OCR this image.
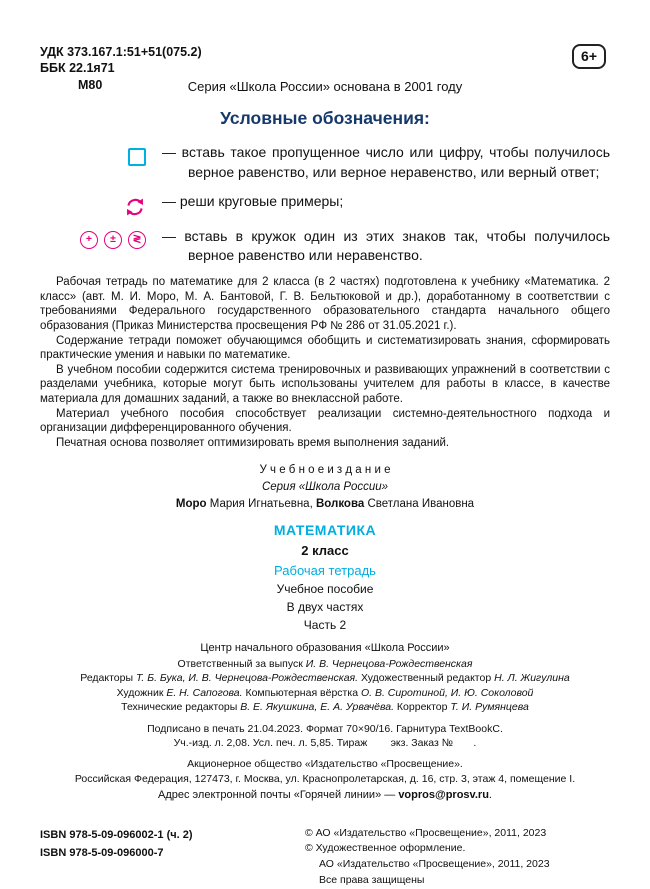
УДК 373.167.1:51+51(075.2)
ББК 22.1я71
М80
6+
Серия «Школа России» основана в 2001 году
Условные обозначения:
— вставь такое пропущенное число или цифру, чтобы получилось верное равенство, или верное неравенство, или верный ответ;
— реши круговые примеры;
+	±	≷	— вставь в кружок один из этих знаков так, чтобы получилось верное равенство или неравенство.

Рабочая тетрадь по математике для 2 класса (в 2 частях) подготовлена к учебнику «Математика. 2 класс» (авт. М. И. Моро, М. А. Бантовой, Г. В. Бельтюковой и др.), доработанному в соответствии с требованиями Федерального государственного образовательного стандарта начального общего образования (Приказ Министерства просвещения РФ № 286 от 31.05.2021 г.).

Содержание тетради поможет обучающимся обобщить и систематизировать знания, сформировать практические умения и навыки по математике.

В учебном пособии содержится система тренировочных и развивающих упражнений в соответствии с разделами учебника, которые могут быть использованы учителем для работы в классе, в качестве материала для домашних заданий, а также во внеклассной работе.

Материал учебного пособия способствует реализации системно-деятельностного подхода и организации дифференцированного обучения.

Печатная основа позволяет оптимизировать время выполнения заданий.

У ч е б н о е и з д а н и е
Серия «Школа России»
Моро Мария Игнатьевна, Волкова Светлана Ивановна
МАТЕМАТИКА
2 класс
Рабочая тетрадь
Учебное пособие
В двух частях
Часть 2
Центр начального образования «Школа России»
Ответственный за выпуск И. В. Чернецова-Рождественская
Редакторы Т. Б. Бука, И. В. Чернецова-Рождественская. Художественный редактор Н. Л. Жигулина
Художник Е. Н. Сапогова. Компьютерная вёрстка О. В. Сиротиной, И. Ю. Соколовой
Технические редакторы В. Е. Якушкина, Е. А. Урвачёва. Корректор Т. И. Румянцева
Подписано в печать 21.04.2023. Формат 70×90/16. Гарнитура TextBookC.
Уч.-изд. л. 2,08. Усл. печ. л. 5,85. Тираж        экз. Заказ №       .
Акционерное общество «Издательство «Просвещение».
Российская Федерация, 127473, г. Москва, ул. Краснопролетарская, д. 16, стр. 3, этаж 4, помещение I.
Адрес электронной почты «Горячей линии» — vopros@prosv.ru.
ISBN 978-5-09-096002-1 (ч. 2)
ISBN 978-5-09-096000-7
© АО «Издательство «Просвещение», 2011, 2023
© Художественное оформление.
АО «Издательство «Просвещение», 2011, 2023
Все права защищены
